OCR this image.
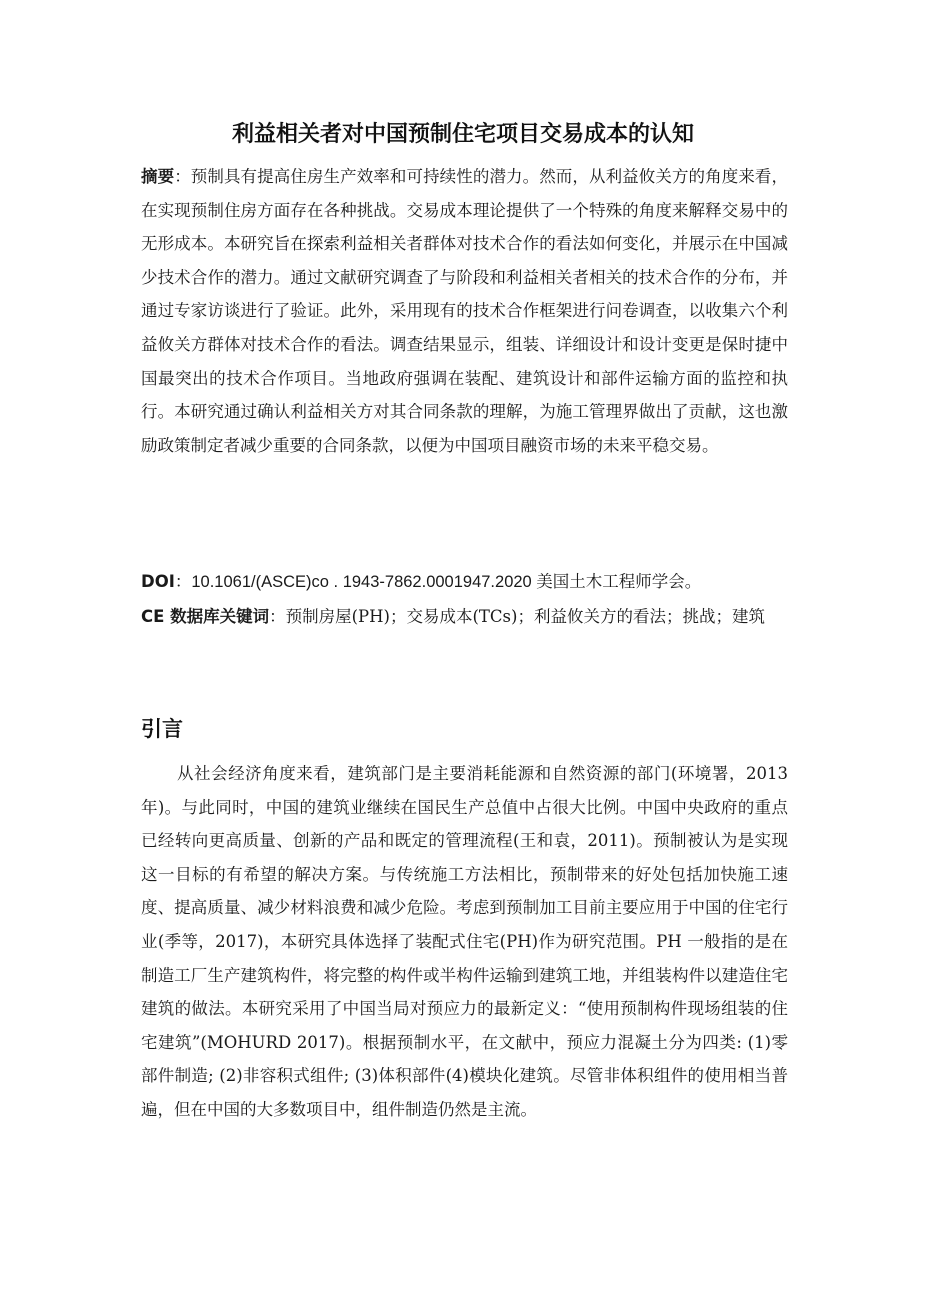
利益相关者对中国预制住宅项目交易成本的认知
摘要：预制具有提高住房生产效率和可持续性的潜力。然而，从利益攸关方的角度来看，在实现预制住房方面存在各种挑战。交易成本理论提供了一个特殊的角度来解释交易中的无形成本。本研究旨在探索利益相关者群体对技术合作的看法如何变化，并展示在中国减少技术合作的潜力。通过文献研究调查了与阶段和利益相关者相关的技术合作的分布，并通过专家访谈进行了验证。此外，采用现有的技术合作框架进行问卷调查，以收集六个利益攸关方群体对技术合作的看法。调查结果显示，组装、详细设计和设计变更是保时捷中国最突出的技术合作项目。当地政府强调在装配、建筑设计和部件运输方面的监控和执行。本研究通过确认利益相关方对其合同条款的理解，为施工管理界做出了贡献，这也激励政策制定者减少重要的合同条款，以便为中国项目融资市场的未来平稳交易。
DOI：10.1061/(ASCE)co . 1943-7862.0001947.2020 美国土木工程师学会。
CE 数据库关键词：预制房屋(PH)；交易成本(TCs)；利益攸关方的看法；挑战；建筑
引言
从社会经济角度来看，建筑部门是主要消耗能源和自然资源的部门(环境署，2013 年)。与此同时，中国的建筑业继续在国民生产总值中占很大比例。中国中央政府的重点已经转向更高质量、创新的产品和既定的管理流程(王和袁，2011)。预制被认为是实现这一目标的有希望的解决方案。与传统施工方法相比，预制带来的好处包括加快施工速度、提高质量、减少材料浪费和减少危险。考虑到预制加工目前主要应用于中国的住宅行业(季等，2017)，本研究具体选择了装配式住宅(PH)作为研究范围。PH 一般指的是在制造工厂生产建筑构件，将完整的构件或半构件运输到建筑工地，并组装构件以建造住宅建筑的做法。本研究采用了中国当局对预应力的最新定义：“使用预制构件现场组装的住宅建筑”(MOHURD 2017)。根据预制水平，在文献中，预应力混凝土分为四类: (1)零部件制造; (2)非容积式组件; (3)体积部件(4)模块化建筑。尽管非体积组件的使用相当普遍，但在中国的大多数项目中，组件制造仍然是主流。
